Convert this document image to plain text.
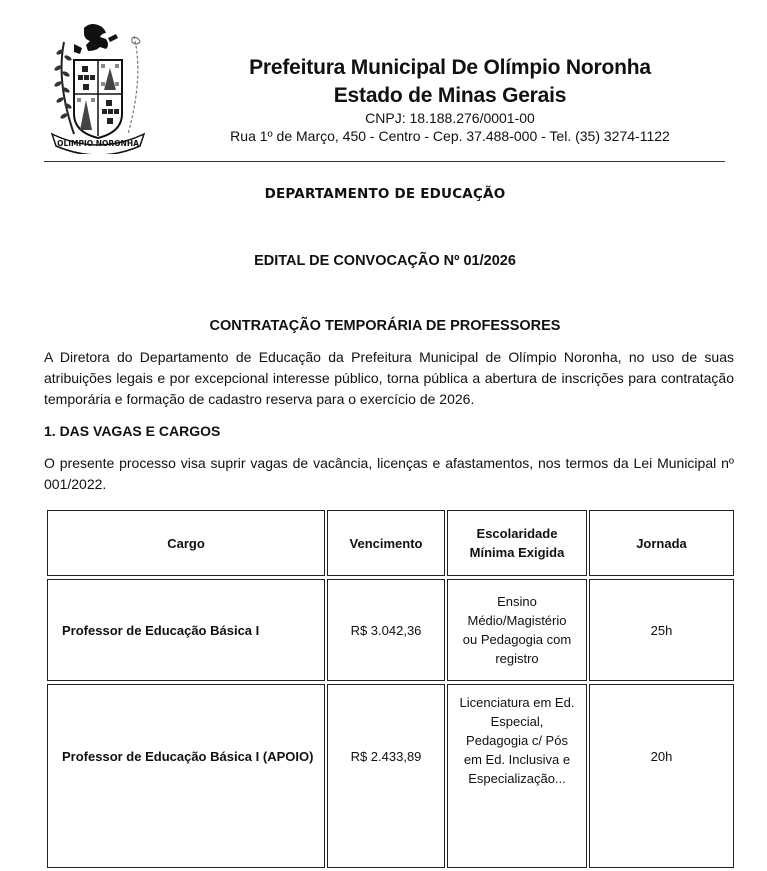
OLIMPIO NORONHA
Prefeitura Municipal De Olímpio Noronha
Estado de Minas Gerais
CNPJ: 18.188.276/0001-00
Rua 1º de Março, 450 - Centro - Cep. 37.488-000 - Tel. (35) 3274-1122
DEPARTAMENTO DE EDUCAÇÃO
EDITAL DE CONVOCAÇÃO Nº 01/2026
CONTRATAÇÃO TEMPORÁRIA DE PROFESSORES
A Diretora do Departamento de Educação da Prefeitura Municipal de Olímpio Noronha, no uso de suas atribuições legais e por excepcional interesse público, torna pública a abertura de inscrições para contratação temporária e formação de cadastro reserva para o exercício de 2026.
1. DAS VAGAS E CARGOS
O presente processo visa suprir vagas de vacância, licenças e afastamentos, nos termos da Lei Municipal nº 001/2022.
Cargo	Vencimento	Escolaridade
Mínima Exigida	Jornada
Professor de Educação Básica I	R$ 3.042,36	Ensino
Médio/Magistério
ou Pedagogia com
registro	25h
Professor de Educação Básica I (APOIO)	R$ 2.433,89	Licenciatura em Ed.
Especial,
Pedagogia c/ Pós
em Ed. Inclusiva e
Especialização...	20h
